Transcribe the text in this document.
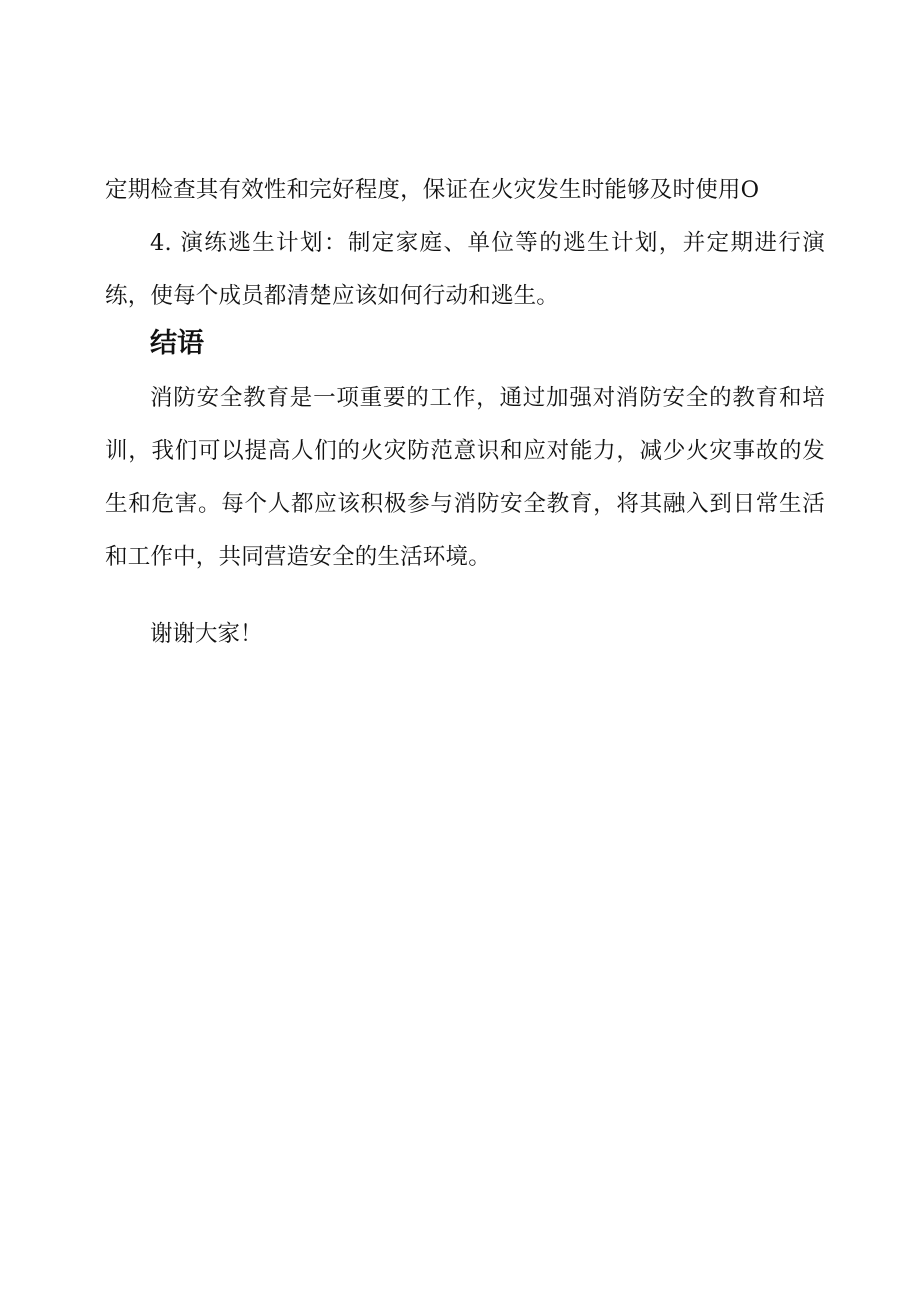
定期检查其有效性和完好程度，保证在火灾发生时能够及时使用O

4. 演练逃生计划：制定家庭、单位等的逃生计划，并定期进行演练，使每个成员都清楚应该如何行动和逃生。

结语

消防安全教育是一项重要的工作，通过加强对消防安全的教育和培训，我们可以提高人们的火灾防范意识和应对能力，减少火灾事故的发生和危害。每个人都应该积极参与消防安全教育，将其融入到日常生活和工作中，共同营造安全的生活环境。

谢谢大家！
